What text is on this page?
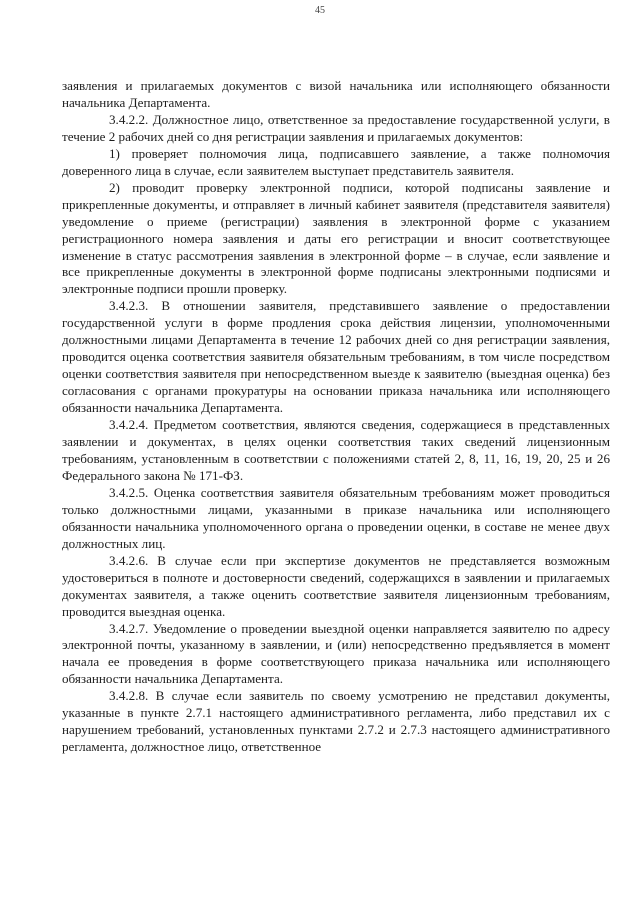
45

заявления и прилагаемых документов с визой начальника или исполняющего обязанности начальника Департамента.

3.4.2.2. Должностное лицо, ответственное за предоставление государственной услуги, в течение 2 рабочих дней со дня регистрации заявления и прилагаемых документов:

1) проверяет полномочия лица, подписавшего заявление, а также полномочия доверенного лица в случае, если заявителем выступает представитель заявителя.

2) проводит проверку электронной подписи, которой подписаны заявление и прикрепленные документы, и отправляет в личный кабинет заявителя (представителя заявителя) уведомление о приеме (регистрации) заявления в электронной форме с указанием регистрационного номера заявления и даты его регистрации и вносит соответствующее изменение в статус рассмотрения заявления в электронной форме – в случае, если заявление и все прикрепленные документы в электронной форме подписаны электронными подписями и электронные подписи прошли проверку.

3.4.2.3. В отношении заявителя, представившего заявление о предоставлении государственной услуги в форме продления срока действия лицензии, уполномоченными должностными лицами Департамента в течение 12 рабочих дней со дня регистрации заявления, проводится оценка соответствия заявителя обязательным требованиям, в том числе посредством оценки соответствия заявителя при непосредственном выезде к заявителю (выездная оценка) без согласования с органами прокуратуры на основании приказа начальника или исполняющего обязанности начальника Департамента.

3.4.2.4. Предметом соответствия, являются сведения, содержащиеся в представленных заявлении и документах, в целях оценки соответствия таких сведений лицензионным требованиям, установленным в соответствии с положениями статей 2, 8, 11, 16, 19, 20, 25 и 26 Федерального закона № 171-ФЗ.

3.4.2.5. Оценка соответствия заявителя обязательным требованиям может проводиться только должностными лицами, указанными в приказе начальника или исполняющего обязанности начальника уполномоченного органа о проведении оценки, в составе не менее двух должностных лиц.

3.4.2.6. В случае если при экспертизе документов не представляется возможным удостовериться в полноте и достоверности сведений, содержащихся в заявлении и прилагаемых документах заявителя, а также оценить соответствие заявителя лицензионным требованиям, проводится выездная оценка.

3.4.2.7. Уведомление о проведении выездной оценки направляется заявителю по адресу электронной почты, указанному в заявлении, и (или) непосредственно предъявляется в момент начала ее проведения в форме соответствующего приказа начальника или исполняющего обязанности начальника Департамента.

3.4.2.8. В случае если заявитель по своему усмотрению не представил документы, указанные в пункте 2.7.1 настоящего административного регламента, либо представил их с нарушением требований, установленных пунктами 2.7.2 и 2.7.3 настоящего административного регламента, должностное лицо, ответственное
